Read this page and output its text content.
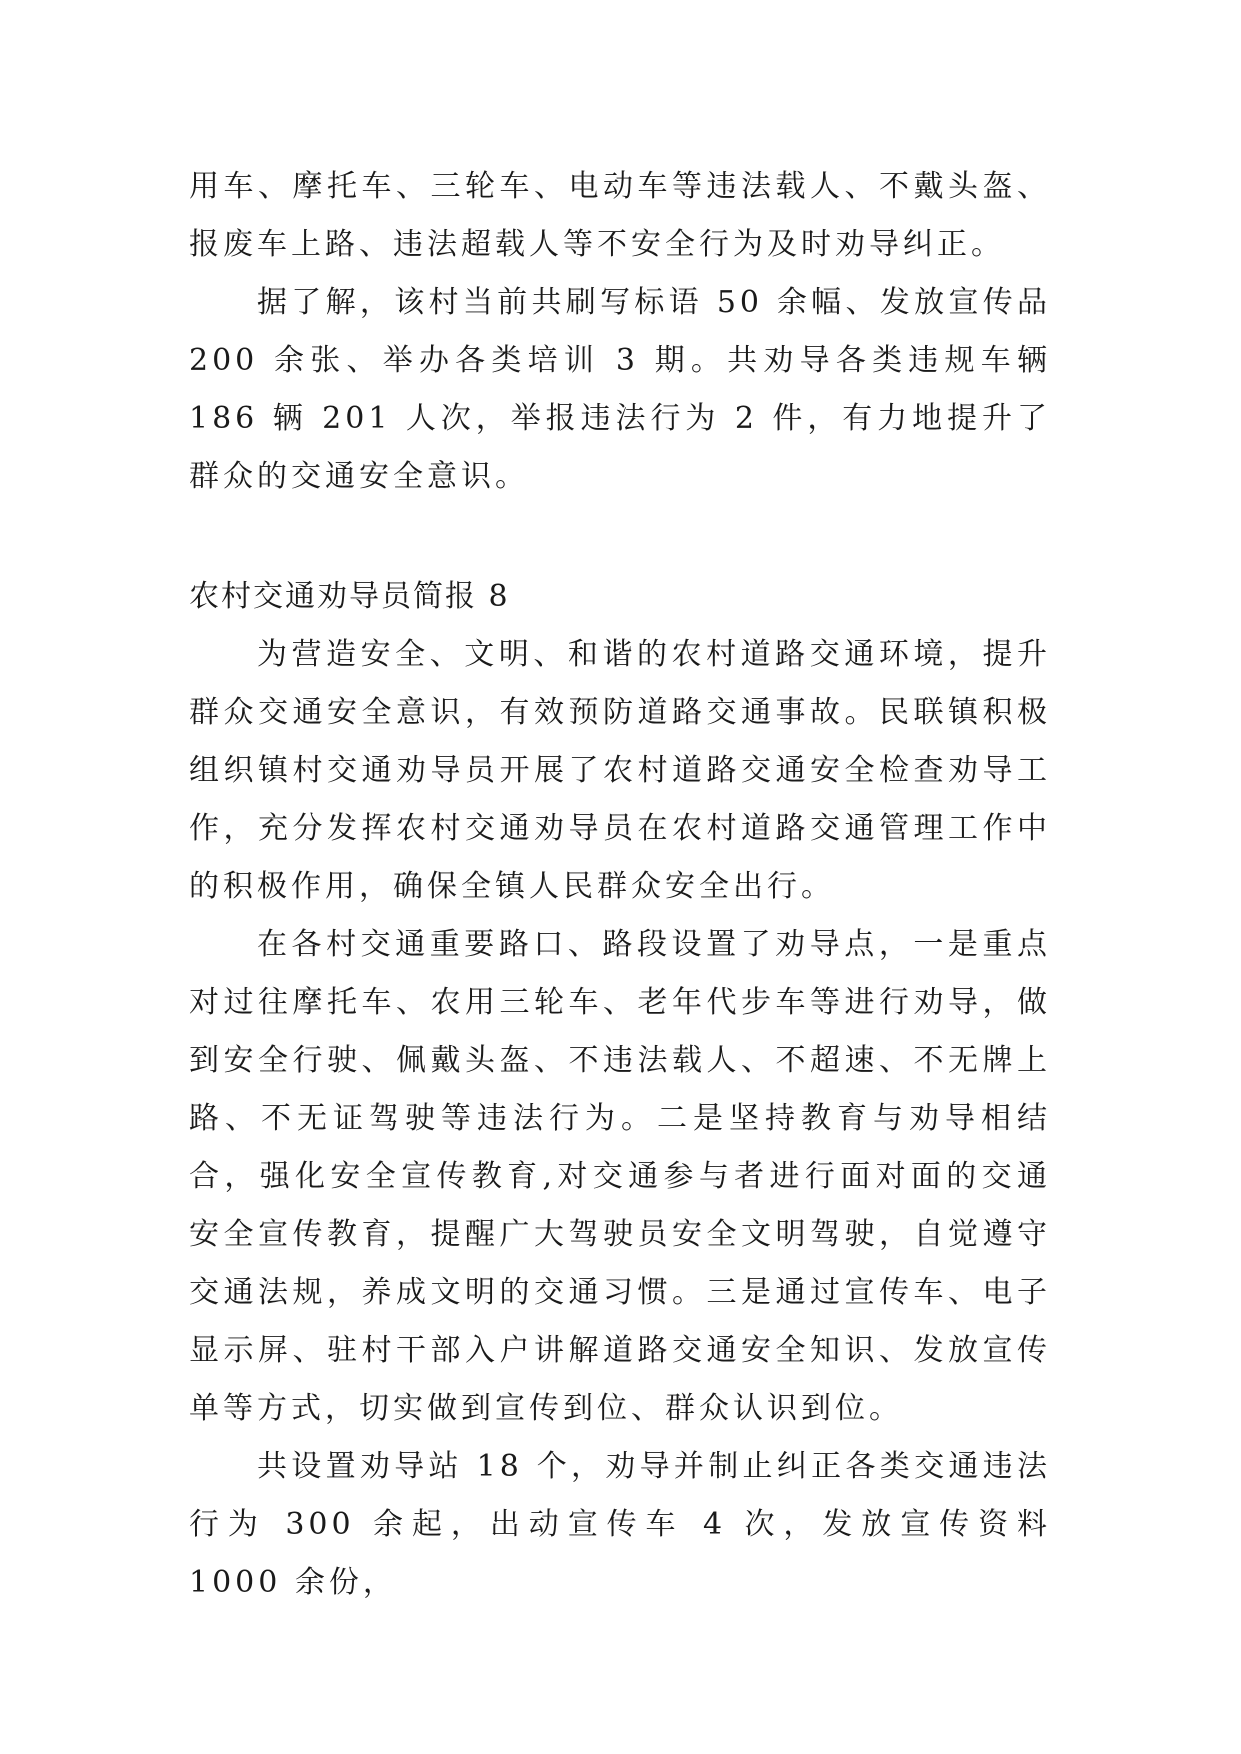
用车、摩托车、三轮车、电动车等违法载人、不戴头盔、报废车上路、违法超载人等不安全行为及时劝导纠正。

据了解，该村当前共刷写标语 50 余幅、发放宣传品 200 余张、举办各类培训 3 期。共劝导各类违规车辆 186 辆 201 人次，举报违法行为 2 件，有力地提升了群众的交通安全意识。

农村交通劝导员简报 8

为营造安全、文明、和谐的农村道路交通环境，提升群众交通安全意识，有效预防道路交通事故。民联镇积极组织镇村交通劝导员开展了农村道路交通安全检查劝导工作，充分发挥农村交通劝导员在农村道路交通管理工作中的积极作用，确保全镇人民群众安全出行。

在各村交通重要路口、路段设置了劝导点，一是重点对过往摩托车、农用三轮车、老年代步车等进行劝导，做到安全行驶、佩戴头盔、不违法载人、不超速、不无牌上路、不无证驾驶等违法行为。二是坚持教育与劝导相结合，强化安全宣传教育,对交通参与者进行面对面的交通安全宣传教育，提醒广大驾驶员安全文明驾驶，自觉遵守交通法规，养成文明的交通习惯。三是通过宣传车、电子显示屏、驻村干部入户讲解道路交通安全知识、发放宣传单等方式，切实做到宣传到位、群众认识到位。

共设置劝导站 18 个，劝导并制止纠正各类交通违法行为 300 余起，出动宣传车 4 次，发放宣传资料 1000 余份，
